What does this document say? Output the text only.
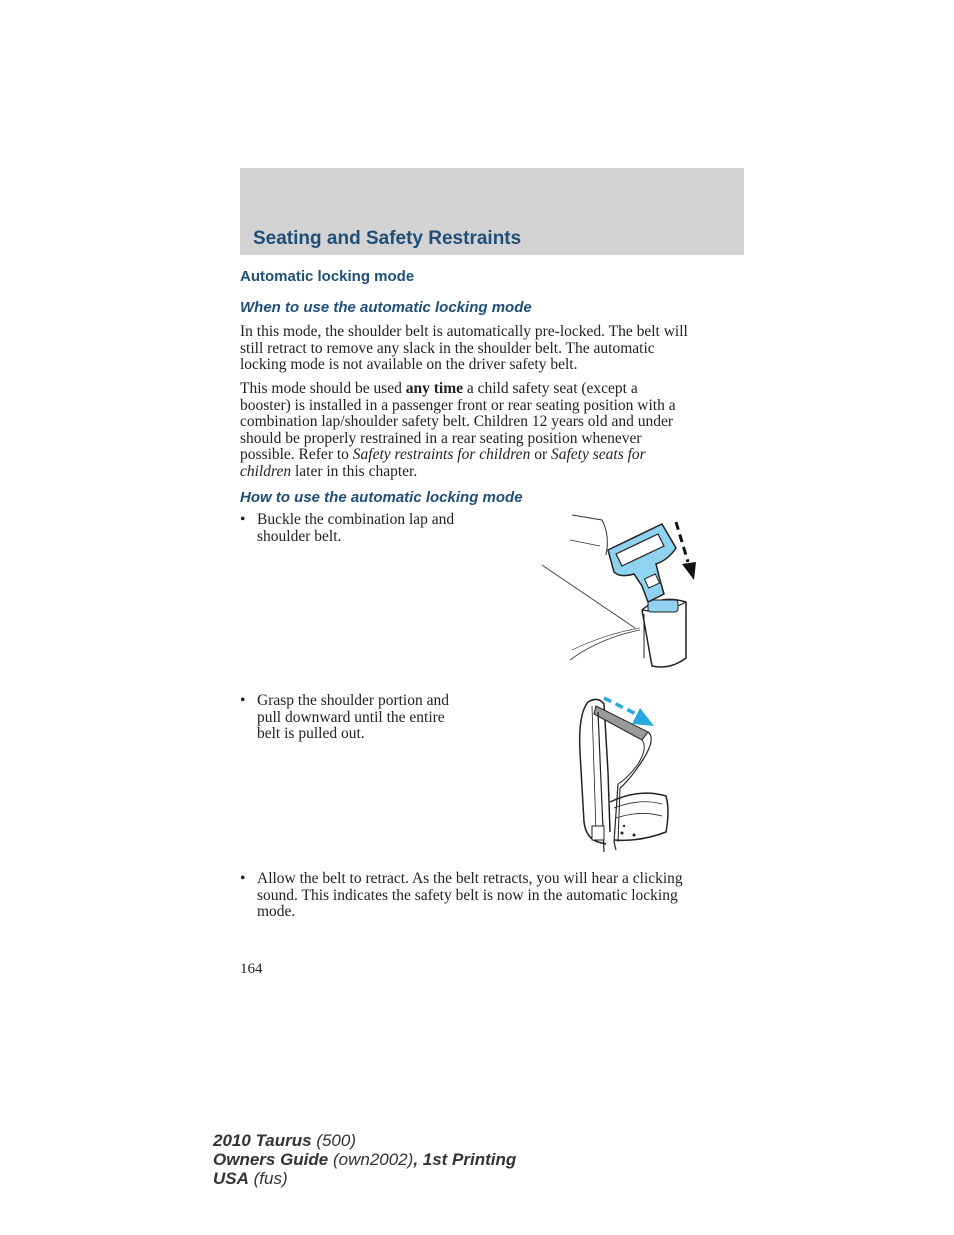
Seating and Safety Restraints
Automatic locking mode
When to use the automatic locking mode
In this mode, the shoulder belt is automatically pre-locked. The belt will
still retract to remove any slack in the shoulder belt. The automatic
locking mode is not available on the driver safety belt.
This mode should be used any time a child safety seat (except a
booster) is installed in a passenger front or rear seating position with a
combination lap/shoulder safety belt. Children 12 years old and under
should be properly restrained in a rear seating position whenever
possible. Refer to Safety restraints for children or Safety seats for
children later in this chapter.
How to use the automatic locking mode
• Buckle the combination lap and
shoulder belt.
• Grasp the shoulder portion and
pull downward until the entire
belt is pulled out.
• Allow the belt to retract. As the belt retracts, you will hear a clicking
sound. This indicates the safety belt is now in the automatic locking
mode.
164
2010 Taurus (500)
Owners Guide (own2002), 1st Printing
USA (fus)
